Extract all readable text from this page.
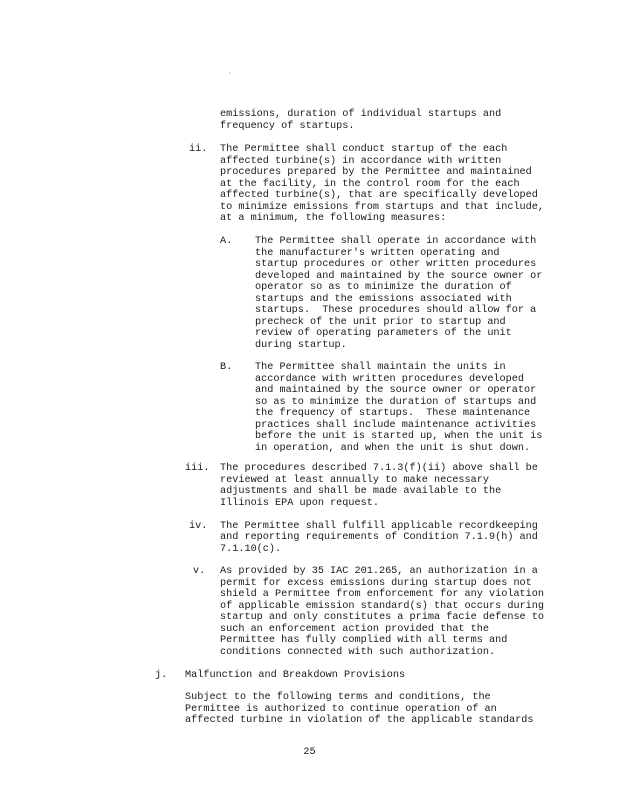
·
emissions, duration of individual startups and
frequency of startups.
ii. The Permittee shall conduct startup of the each
affected turbine(s) in accordance with written
procedures prepared by the Permittee and maintained
at the facility, in the control room for the each
affected turbine(s), that are specifically developed
to minimize emissions from startups and that include,
at a minimum, the following measures:
A. The Permittee shall operate in accordance with
the manufacturer's written operating and
startup procedures or other written procedures
developed and maintained by the source owner or
operator so as to minimize the duration of
startups and the emissions associated with
startups.  These procedures should allow for a
precheck of the unit prior to startup and
review of operating parameters of the unit
during startup.
B. The Permittee shall maintain the units in
accordance with written procedures developed
and maintained by the source owner or operator
so as to minimize the duration of startups and
the frequency of startups.  These maintenance
practices shall include maintenance activities
before the unit is started up, when the unit is
in operation, and when the unit is shut down.
iii. The procedures described 7.1.3(f)(ii) above shall be
reviewed at least annually to make necessary
adjustments and shall be made available to the
Illinois EPA upon request.
iv. The Permittee shall fulfill applicable recordkeeping
and reporting requirements of Condition 7.1.9(h) and
7.1.10(c).
v. As provided by 35 IAC 201.265, an authorization in a
permit for excess emissions during startup does not
shield a Permittee from enforcement for any violation
of applicable emission standard(s) that occurs during
startup and only constitutes a prima facie defense to
such an enforcement action provided that the
Permittee has fully complied with all terms and
conditions connected with such authorization.
j. Malfunction and Breakdown Provisions
Subject to the following terms and conditions, the
Permittee is authorized to continue operation of an
affected turbine in violation of the applicable standards
25
